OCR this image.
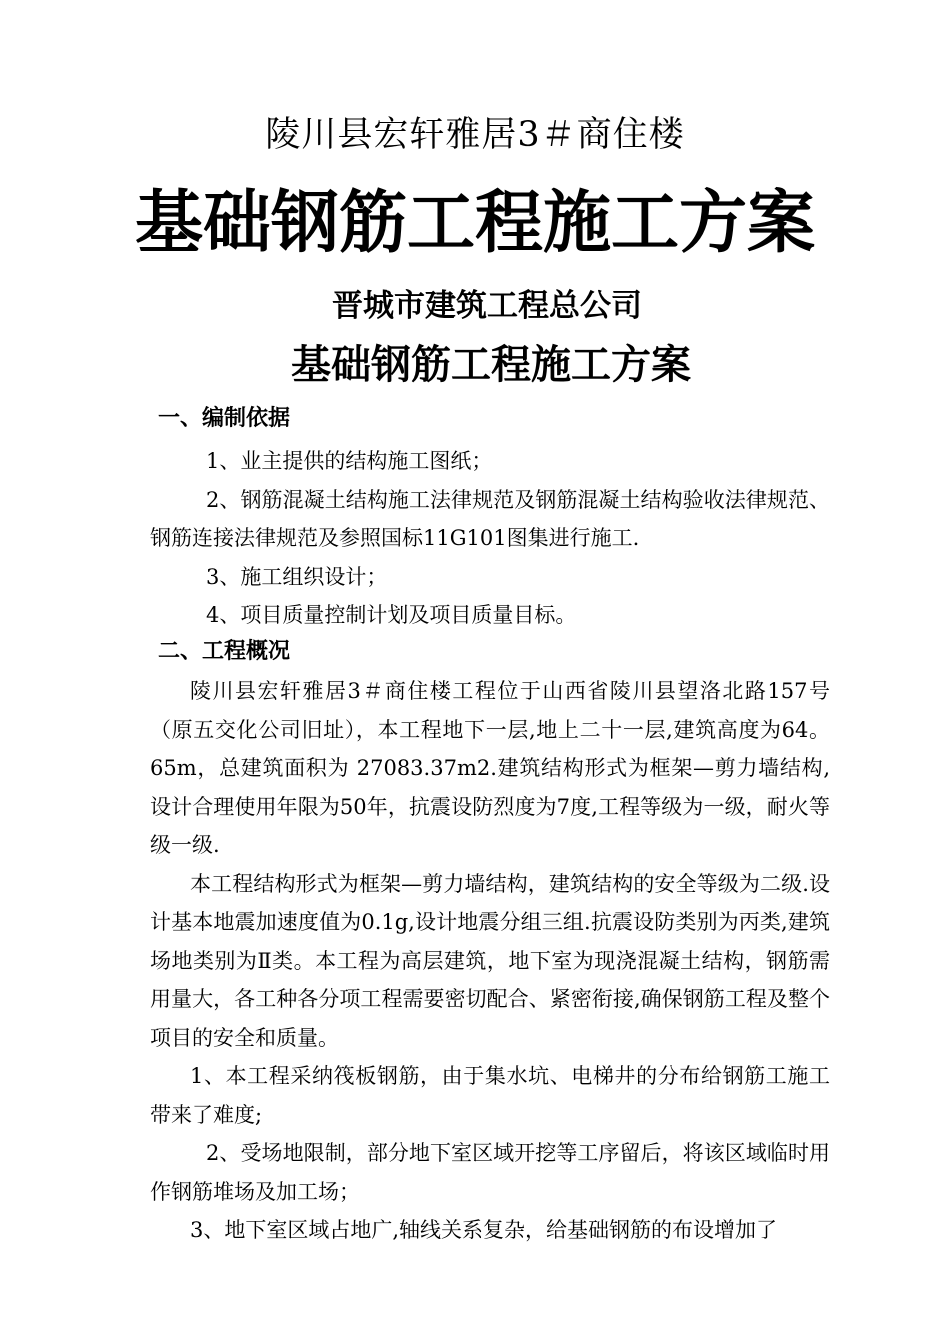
陵川县宏轩雅居3＃商住楼
基础钢筋工程施工方案
晋城市建筑工程总公司
基础钢筋工程施工方案
一、编制依据

1、业主提供的结构施工图纸；

2、钢筋混凝土结构施工法律规范及钢筋混凝土结构验收法律规范、钢筋连接法律规范及参照国标11G101图集进行施工.

3、施工组织设计；

4、项目质量控制计划及项目质量目标。

二、工程概况

陵川县宏轩雅居3＃商住楼工程位于山西省陵川县望洛北路157号（原五交化公司旧址），本工程地下一层,地上二十一层,建筑高度为64。65m，总建筑面积为 27083.37m2.建筑结构形式为框架—剪力墙结构,设计合理使用年限为50年，抗震设防烈度为7度,工程等级为一级，耐火等级一级.

本工程结构形式为框架—剪力墙结构，建筑结构的安全等级为二级.设计基本地震加速度值为0.1g,设计地震分组三组.抗震设防类别为丙类,建筑场地类别为Ⅱ类。本工程为高层建筑，地下室为现浇混凝土结构，钢筋需用量大，各工种各分项工程需要密切配合、紧密衔接,确保钢筋工程及整个项目的安全和质量。

1、本工程采纳筏板钢筋，由于集水坑、电梯井的分布给钢筋工施工带来了难度;

2、受场地限制，部分地下室区域开挖等工序留后，将该区域临时用作钢筋堆场及加工场；

3、地下室区域占地广,轴线关系复杂，给基础钢筋的布设增加了
